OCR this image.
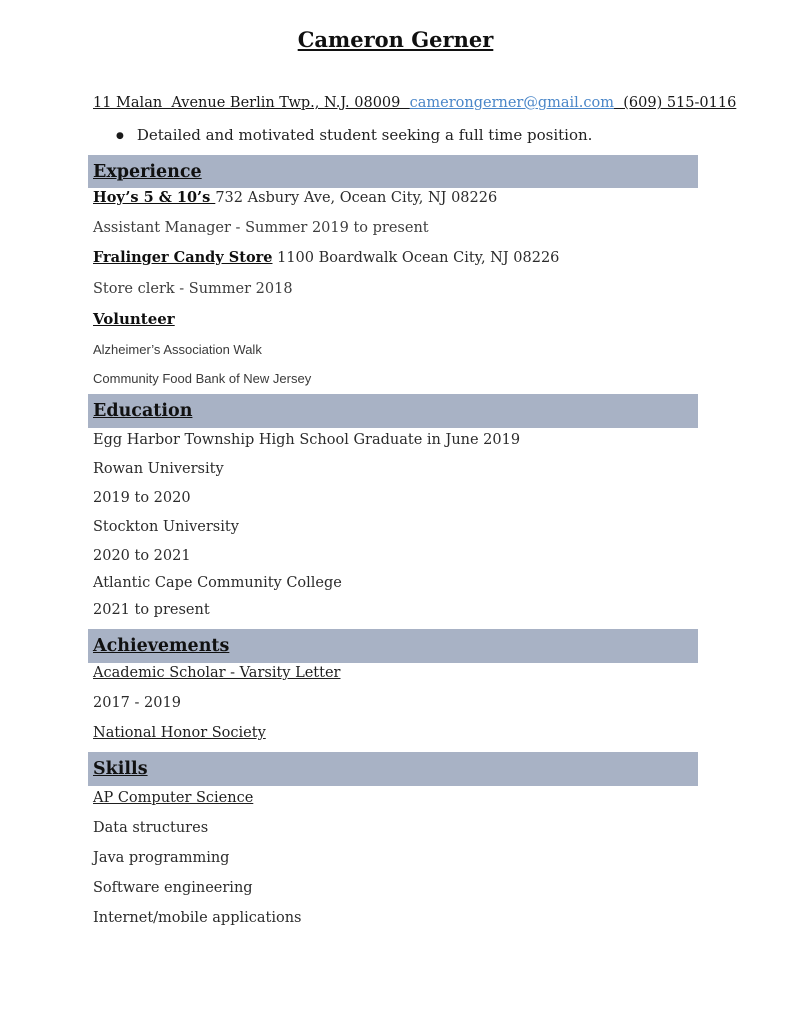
Cameron Gerner
11 Malan  Avenue Berlin Twp., N.J. 08009  camerongerner@gmail.com  (609) 515-0116
● Detailed and motivated student seeking a full time position.
Experience
Hoy’s 5 & 10’s 732 Asbury Ave, Ocean City, NJ 08226
Assistant Manager - Summer 2019 to present
Fralinger Candy Store 1100 Boardwalk Ocean City, NJ 08226
Store clerk - Summer 2018
Volunteer
Alzheimer’s Association Walk
Community Food Bank of New Jersey
Education
Egg Harbor Township High School Graduate in June 2019
Rowan University
2019 to 2020
Stockton University
2020 to 2021
Atlantic Cape Community College
2021 to present
Achievements
Academic Scholar - Varsity Letter
2017 - 2019
National Honor Society
Skills
AP Computer Science
Data structures
Java programming
Software engineering
Internet/mobile applications
